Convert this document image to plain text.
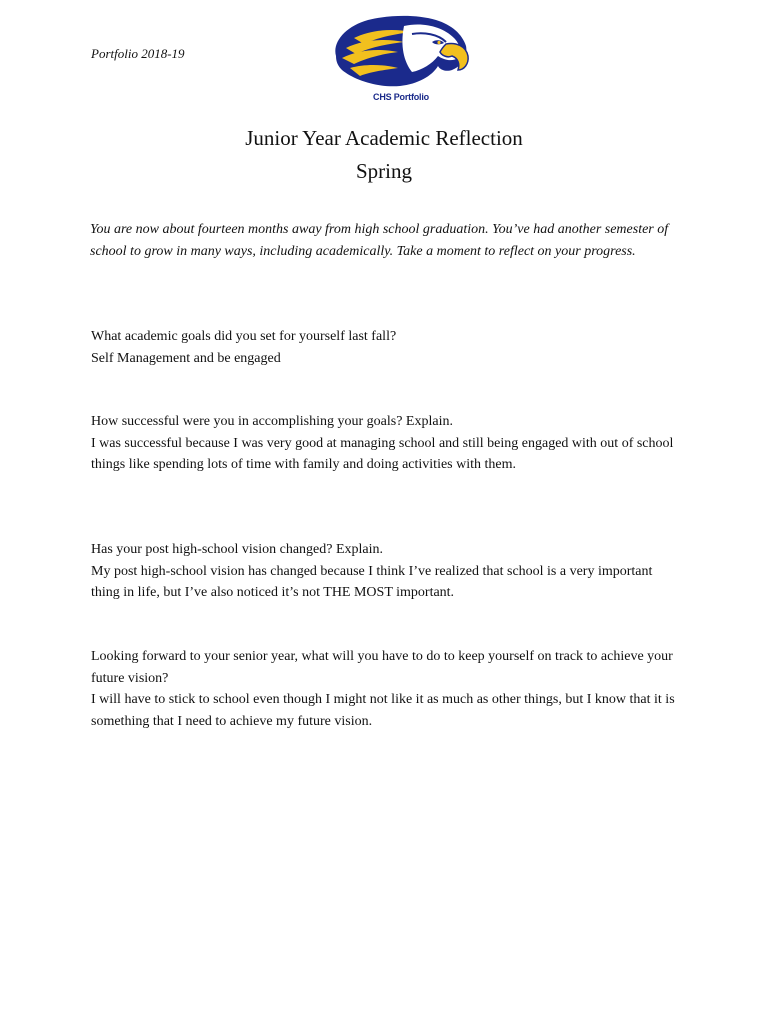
Portfolio 2018-19
CHS Portfolio
Junior Year Academic Reflection
Spring
You are now about fourteen months away from high school graduation. You’ve had another semester of school to grow in many ways, including academically. Take a moment to reflect on your progress.

What academic goals did you set for yourself last fall?

Self Management and be engaged

How successful were you in accomplishing your goals? Explain.

I was successful because I was very good at managing school and still being engaged with out of school things like spending lots of time with family and doing activities with them.

Has your post high-school vision changed? Explain.

My post high-school vision has changed because I think I’ve realized that school is a very important thing in life, but I’ve also noticed it’s not THE MOST important.

Looking forward to your senior year, what will you have to do to keep yourself on track to achieve your future vision?

I will have to stick to school even though I might not like it as much as other things, but I know that it is something that I need to achieve my future vision.
